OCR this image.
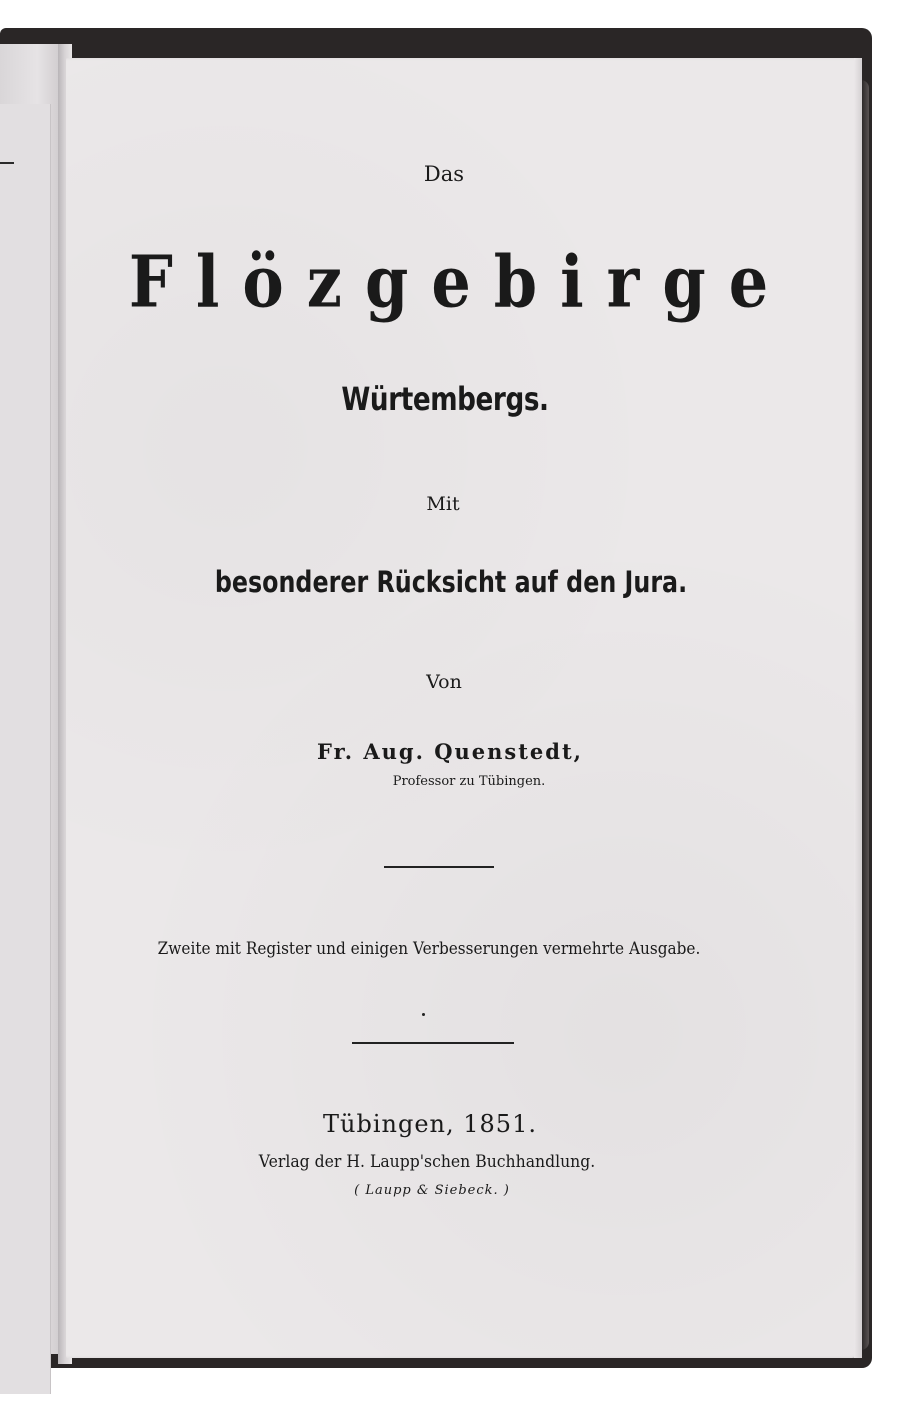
Das

Flözgebirge

Würtembergs.

Mit

besonderer Rücksicht auf den Jura.

Von

Fr. Aug. Quenstedt,

Professor zu Tübingen.

Zweite mit Register und einigen Verbesserungen vermehrte Ausgabe.

Tübingen, 1851.

Verlag der H. Laupp'schen Buchhandlung.

( Laupp & Siebeck. )
